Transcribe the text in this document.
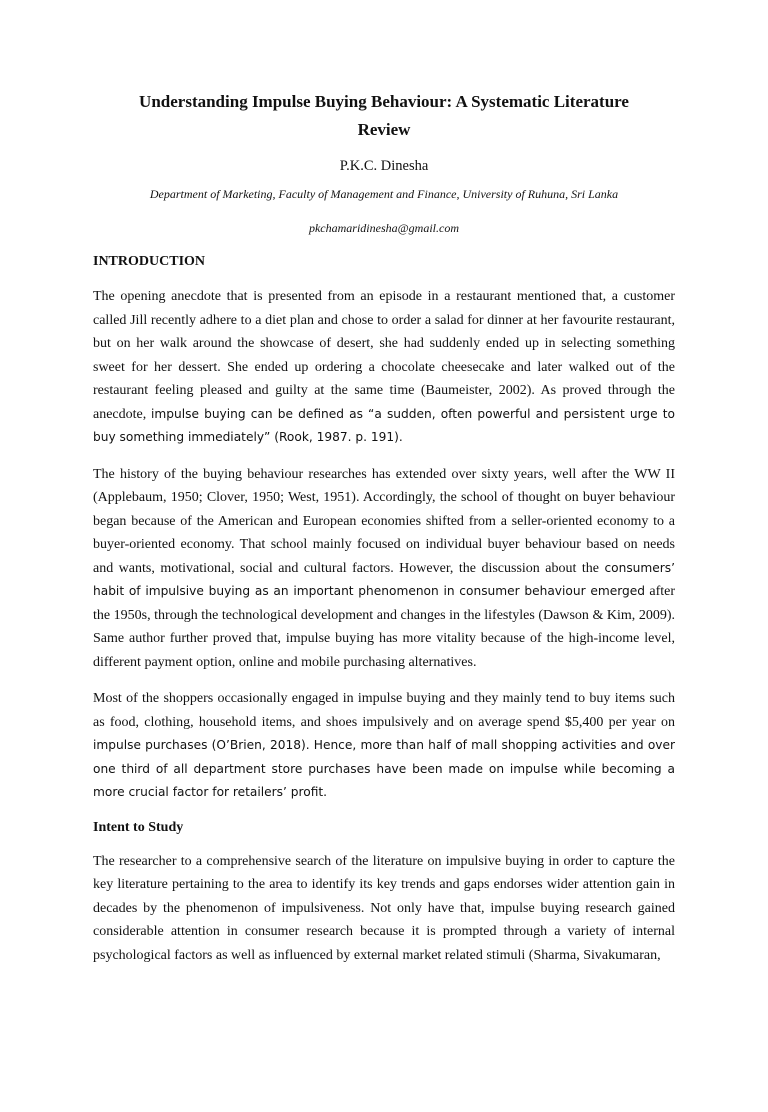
Understanding Impulse Buying Behaviour: A Systematic Literature Review
P.K.C. Dinesha
Department of Marketing, Faculty of Management and Finance, University of Ruhuna, Sri Lanka
pkchamaridinesha@gmail.com
INTRODUCTION

The opening anecdote that is presented from an episode in a restaurant mentioned that, a customer called Jill recently adhere to a diet plan and chose to order a salad for dinner at her favourite restaurant, but on her walk around the showcase of desert, she had suddenly ended up in selecting something sweet for her dessert. She ended up ordering a chocolate cheesecake and later walked out of the restaurant feeling pleased and guilty at the same time (Baumeister, 2002). As proved through the anecdote, impulse buying can be defined as “a sudden, often powerful and persistent urge to buy something immediately” (Rook, 1987. p. 191).

The history of the buying behaviour researches has extended over sixty years, well after the WW II (Applebaum, 1950; Clover, 1950; West, 1951). Accordingly, the school of thought on buyer behaviour began because of the American and European economies shifted from a seller-oriented economy to a buyer-oriented economy. That school mainly focused on individual buyer behaviour based on needs and wants, motivational, social and cultural factors. However, the discussion about the consumers’ habit of impulsive buying as an important phenomenon in consumer behaviour emerged after the 1950s, through the technological development and changes in the lifestyles (Dawson & Kim, 2009). Same author further proved that, impulse buying has more vitality because of the high-income level, different payment option, online and mobile purchasing alternatives.

Most of the shoppers occasionally engaged in impulse buying and they mainly tend to buy items such as food, clothing, household items, and shoes impulsively and on average spend $5,400 per year on impulse purchases (O’Brien, 2018). Hence, more than half of mall shopping activities and over one third of all department store purchases have been made on impulse while becoming a more crucial factor for retailers’ profit.

Intent to Study

The researcher to a comprehensive search of the literature on impulsive buying in order to capture the key literature pertaining to the area to identify its key trends and gaps endorses wider attention gain in decades by the phenomenon of impulsiveness. Not only have that, impulse buying research gained considerable attention in consumer research because it is prompted through a variety of internal psychological factors as well as influenced by external market related stimuli (Sharma, Sivakumaran,
